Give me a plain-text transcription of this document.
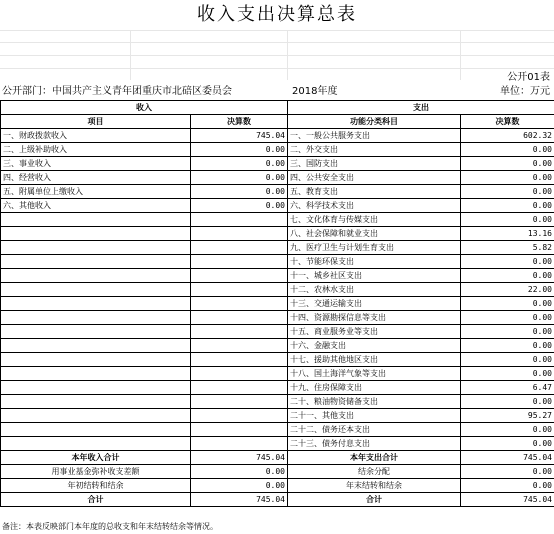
收入支出决算总表
公开01表
公开部门：中国共产主义青年团重庆市北碚区委员会	2018年度	单位：万元
收入		支出	
项目	决算数	功能分类科目	决算数
一、财政拨款收入	745.04	一、一般公共服务支出	602.32
二、上级补助收入	0.00	二、外交支出	0.00
三、事业收入	0.00	三、国防支出	0.00
四、经营收入	0.00	四、公共安全支出	0.00
五、附属单位上缴收入	0.00	五、教育支出	0.00
六、其他收入	0.00	六、科学技术支出	0.00
		七、文化体育与传媒支出	0.00
		八、社会保障和就业支出	13.16
		九、医疗卫生与计划生育支出	5.82
		十、节能环保支出	0.00
		十一、城乡社区支出	0.00
		十二、农林水支出	22.00
		十三、交通运输支出	0.00
		十四、资源勘探信息等支出	0.00
		十五、商业服务业等支出	0.00
		十六、金融支出	0.00
		十七、援助其他地区支出	0.00
		十八、国土海洋气象等支出	0.00
		十九、住房保障支出	6.47
		二十、粮油物资储备支出	0.00
		二十一、其他支出	95.27
		二十二、债务还本支出	0.00
		二十三、债务付息支出	0.00
本年收入合计	745.04	本年支出合计	745.04
用事业基金弥补收支差额	0.00	结余分配	0.00
年初结转和结余	0.00	年末结转和结余	0.00
合计	745.04	合计	745.04
备注：本表反映部门本年度的总收支和年末结转结余等情况。
